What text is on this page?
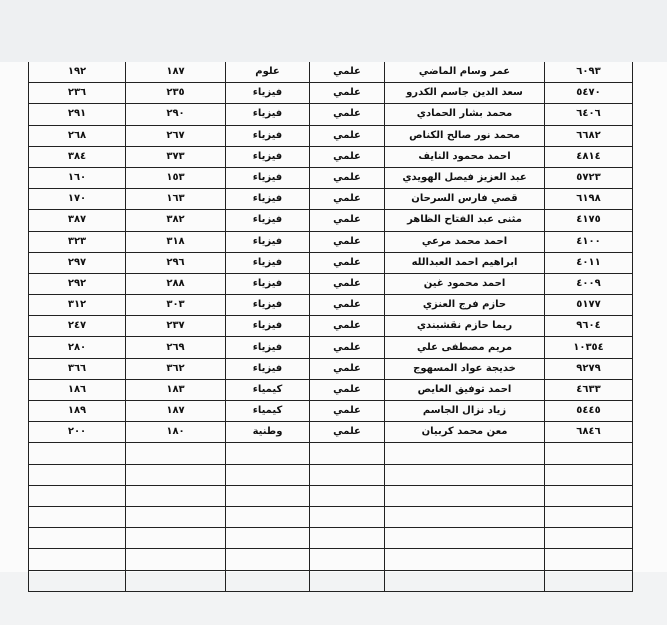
١٩٢	١٨٧	علوم	علمي	عمر وسام الماضي	٦٠٩٣
٢٣٦	٢٣٥	فيزياء	علمي	سعد الدين جاسم الكدرو	٥٤٧٠
٢٩١	٢٩٠	فيزياء	علمي	محمد بشار الحمادي	٦٤٠٦
٢٦٨	٢٦٧	فيزياء	علمي	محمد نور صالح الكناص	٦٦٨٢
٣٨٤	٣٧٣	فيزياء	علمي	احمد محمود النايف	٤٨١٤
١٦٠	١٥٣	فيزياء	علمي	عبد العزيز فيصل الهويدي	٥٧٢٣
١٧٠	١٦٣	فيزياء	علمي	قصي فارس السرحان	٦١٩٨
٣٨٧	٣٨٢	فيزياء	علمي	مثنى عبد الفتاح الظاهر	٤١٧٥
٣٢٣	٣١٨	فيزياء	علمي	احمد محمد مرعي	٤١٠٠
٢٩٧	٢٩٦	فيزياء	علمي	ابراهيم احمد العبدالله	٤٠١١
٢٩٢	٢٨٨	فيزياء	علمي	احمد محمود غين	٤٠٠٩
٣١٢	٣٠٣	فيزياء	علمي	حازم فرج العنزي	٥١٧٧
٢٤٧	٢٣٧	فيزياء	علمي	ريما حازم نقشبندي	٩٦٠٤
٢٨٠	٢٦٩	فيزياء	علمي	مريم مصطفى علي	١٠٣٥٤
٣٦٦	٣٦٢	فيزياء	علمي	خديجة عواد المسهوج	٩٢٧٩
١٨٦	١٨٣	كيمياء	علمي	احمد توفيق العايص	٤٦٣٣
١٨٩	١٨٧	كيمياء	علمي	زياد نزال الجاسم	٥٤٤٥
٢٠٠	١٨٠	وطنية	علمي	معن محمد كربيان	٦٨٤٦
